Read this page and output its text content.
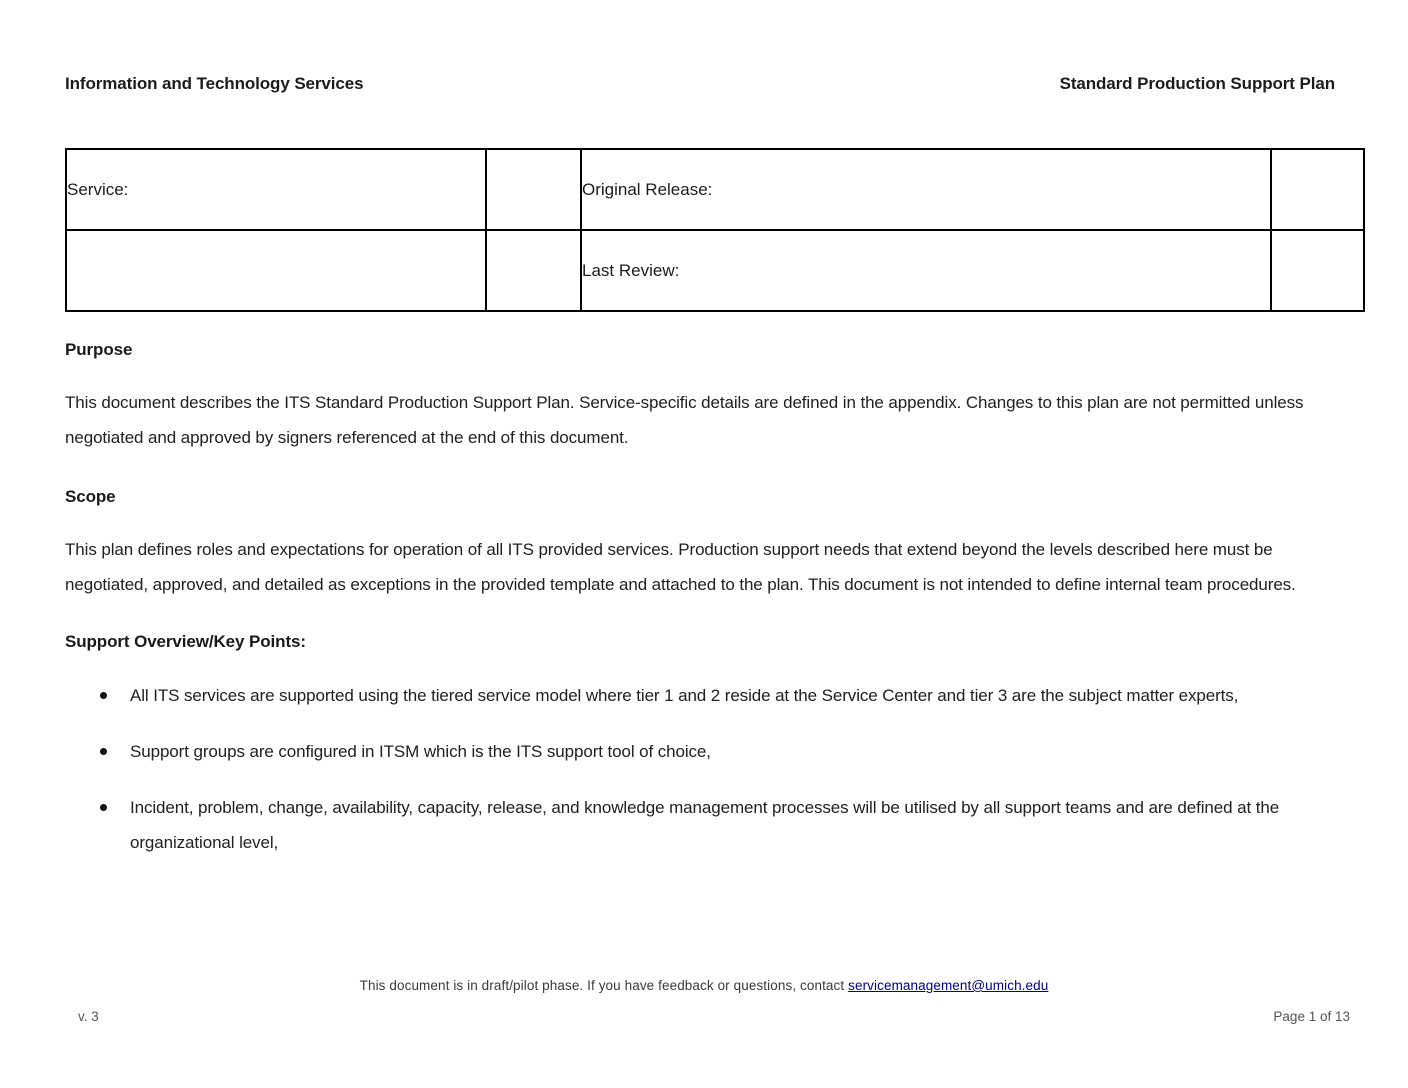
Information and Technology Services	Standard Production Support Plan
Service:		Original Release:	
		Last Review:	
Purpose

This document describes the ITS Standard Production Support Plan. Service-specific details are defined in the appendix. Changes to this plan are not permitted unless negotiated and approved by signers referenced at the end of this document.

Scope

This plan defines roles and expectations for operation of all ITS provided services. Production support needs that extend beyond the levels described here must be negotiated, approved, and detailed as exceptions in the provided template and attached to the plan. This document is not intended to define internal team procedures.

Support Overview/Key Points:
All ITS services are supported using the tiered service model where tier 1 and 2 reside at the Service Center and tier 3 are the subject matter experts,
Support groups are configured in ITSM which is the ITS support tool of choice,
Incident, problem, change, availability, capacity, release, and knowledge management processes will be utilised by all support teams and are defined at the organizational level,
This document is in draft/pilot phase. If you have feedback or questions, contact servicemanagement@umich.edu
v. 3	Page 1 of 13
